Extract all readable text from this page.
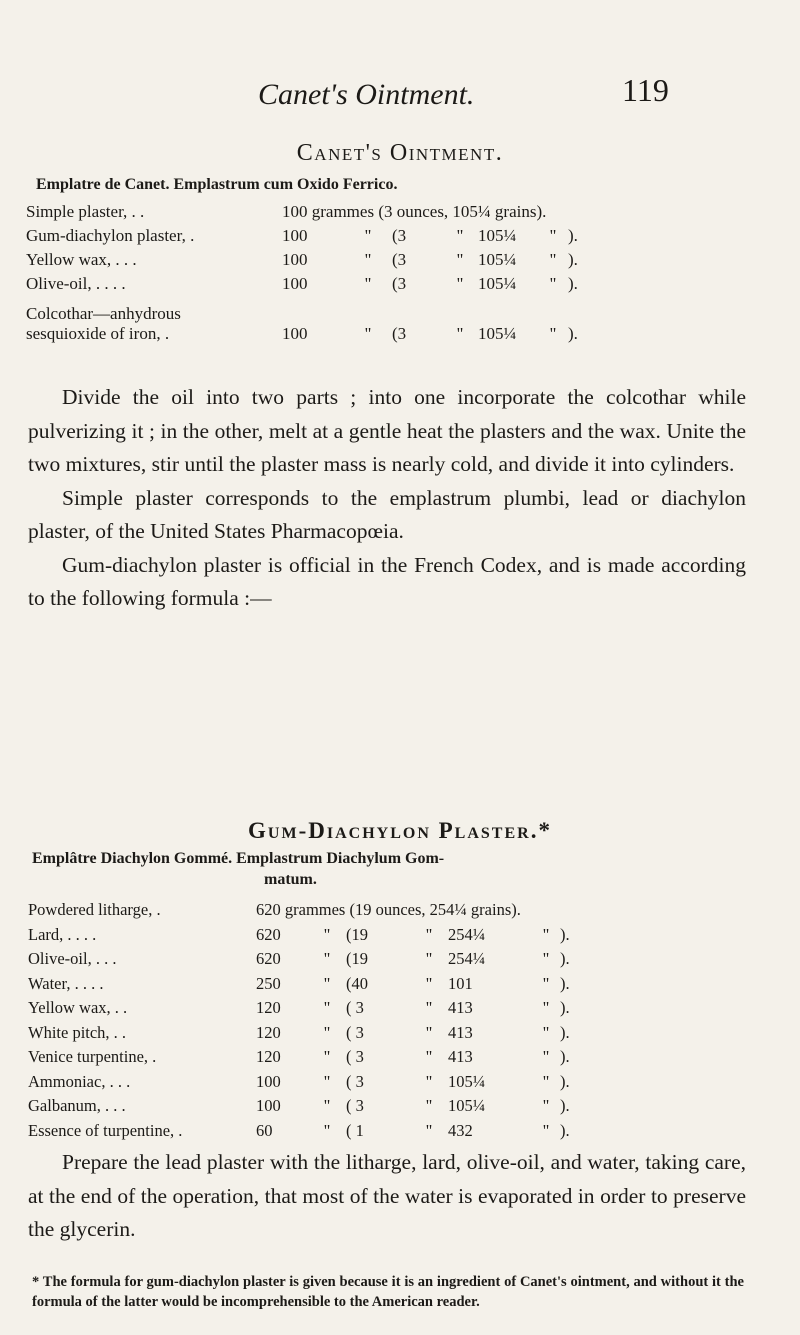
Canet's Ointment.	119
Canet's Ointment.
Emplatre de Canet. Emplastrum cum Oxido Ferrico.
Simple plaster, . .	100 grammes (3 ounces, 105¼ grains).						
Gum-diachylon plaster, .	100	"	(3	"	105¼	"	).
Yellow wax, . . .	100	"	(3	"	105¼	"	).
Olive-oil, . . . .	100	"	(3	"	105¼	"	).
Colcothar—anhydrous
sesquioxide of iron, .	100	"	(3	"	105¼	"	).

Divide the oil into two parts ; into one incorporate the colcothar while pulverizing it ; in the other, melt at a gentle heat the plasters and the wax. Unite the two mixtures, stir until the plaster mass is nearly cold, and divide it into cylinders.

Simple plaster corresponds to the emplastrum plumbi, lead or diachylon plaster, of the United States Pharmacopœia.

Gum-diachylon plaster is official in the French Codex, and is made according to the following formula :—

Gum-Diachylon Plaster.*
Emplâtre Diachylon Gommé. Emplastrum Diachylum Gom-
matum.
Powdered litharge, .	620 grammes (19 ounces, 254¼ grains).						
Lard, . . . .	620	"	(19	"	254¼	"	).
Olive-oil, . . .	620	"	(19	"	254¼	"	).
Water, . . . .	250	"	(40	"	101	"	).
Yellow wax, . .	120	"	( 3	"	413	"	).
White pitch, . .	120	"	( 3	"	413	"	).
Venice turpentine, .	120	"	( 3	"	413	"	).
Ammoniac, . . .	100	"	( 3	"	105¼	"	).
Galbanum, . . .	100	"	( 3	"	105¼	"	).
Essence of turpentine, .	60	"	( 1	"	432	"	).

Prepare the lead plaster with the litharge, lard, olive-oil, and water, taking care, at the end of the operation, that most of the water is evaporated in order to preserve the glycerin.

* The formula for gum-diachylon plaster is given because it is an ingredient of Canet's ointment, and without it the formula of the latter would be incomprehensible to the American reader.
